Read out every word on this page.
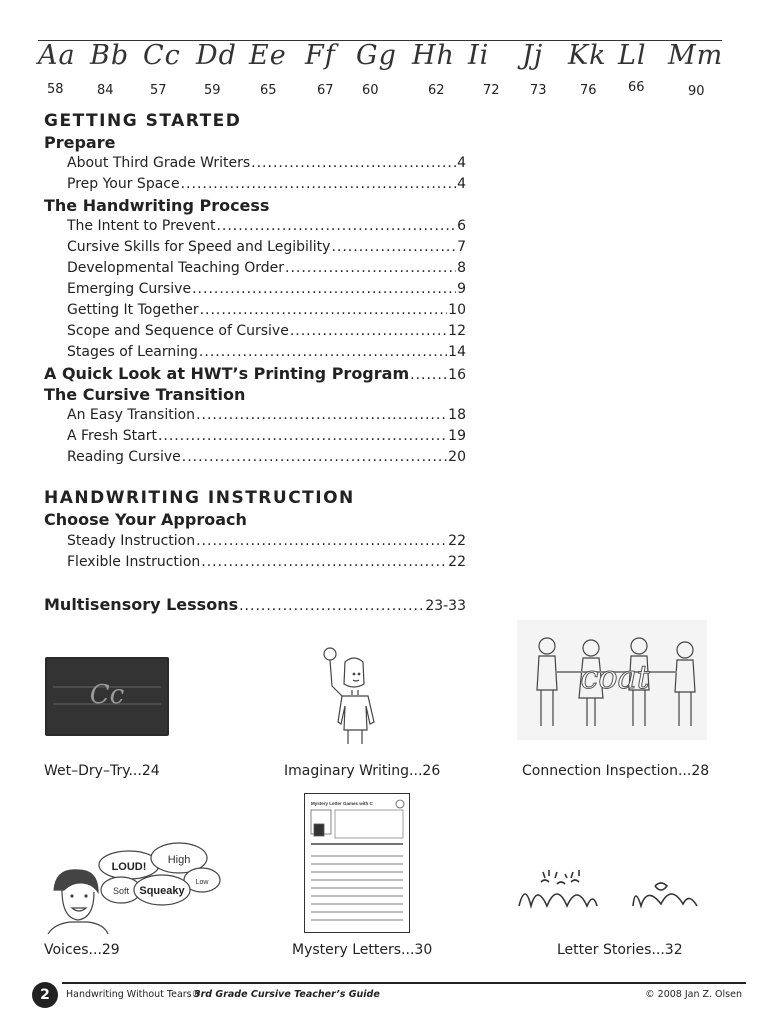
Aa Bb Cc Dd Ee Ff Gg Hh Ii Jj Kk Ll Mm
58	84	57	59	65	67 60	62	72 73	76 66	90
GETTING STARTED
Prepare
About Third Grade Writers .....	4
Prep Your Space .....	4
The Handwriting Process
The Intent to Prevent .....	6
Cursive Skills for Speed and Legibility .....	7
Developmental Teaching Order .....	8
Emerging Cursive .....	9
Getting It Together .....	10
Scope and Sequence of Cursive .....	12
Stages of Learning .....	14
A Quick Look at HWT’s Printing Program .....	16
The Cursive Transition
An Easy Transition .....	18
A Fresh Start .....	19
Reading Cursive .....	20
HANDWRITING INSTRUCTION
Choose Your Approach
Steady Instruction .....	22
Flexible Instruction .....	22
Multisensory Lessons .....	23-33
Cc	coat
Wet–Dry–Try...24	Imaginary Writing...26	Connection Inspection...28
LOUD!
High
Low
Soft Squeaky
Mystery Letter Games with C
Voices...29	Mystery Letters...30	Letter Stories...32
2	Handwriting Without Tears®
3rd Grade Cursive Teacher’s Guide	© 2008 Jan Z. Olsen
